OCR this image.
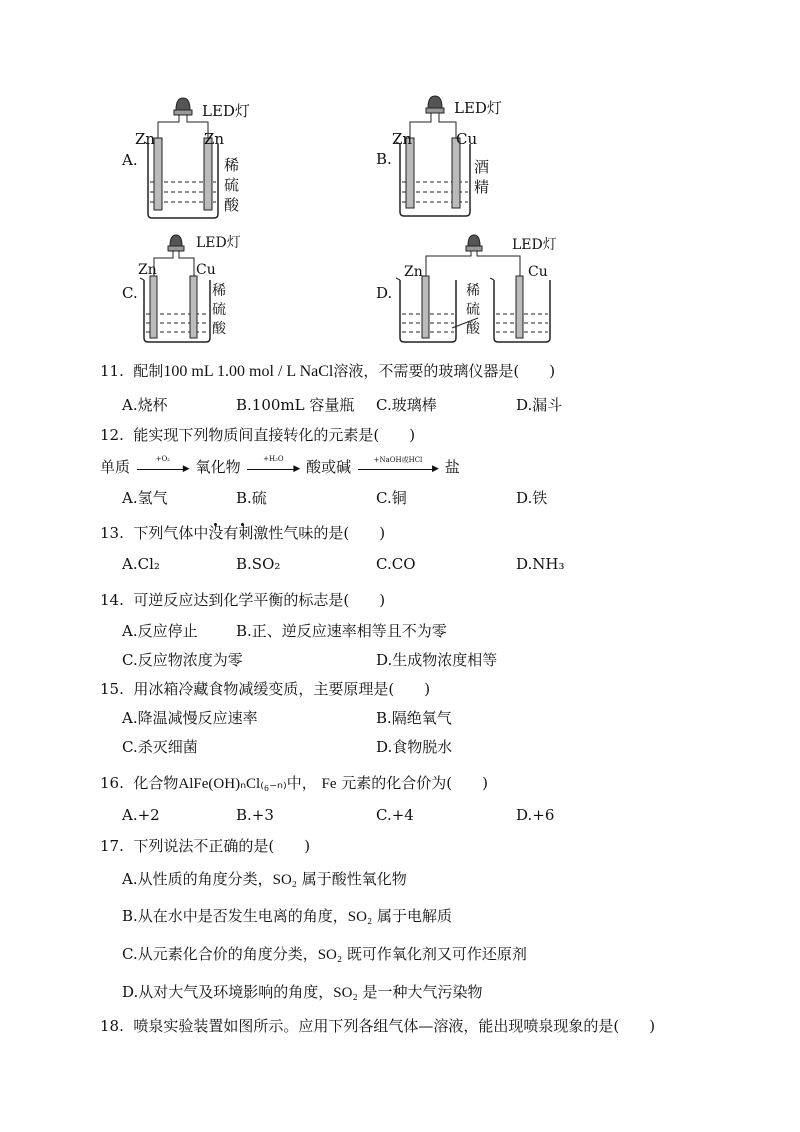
LED灯
Zn	Zn
A.	稀
硫
酸
LED灯
Zn	Cu
B.	酒
精
LED灯
Zn	Cu
C.	稀
硫
酸
LED灯
Zn	Cu
D.	稀
硫
酸
11. 配制100 mL 1.00 mol / L NaCl溶液，不需要的玻璃仪器是(　　)
A.烧杯	B.100mL 容量瓶 C.玻璃棒	D.漏斗
12. 能实现下列物质间直接转化的元素是(　　)
单质	+O₂
▶ 氧化物	+H₂O
▶ 酸或碱	+NaOH或HCl
▶ 盐
A.氢气	B.硫	C.铜	D.铁

13. 下列气体中没有刺激性气味的是(　　)
A.Cl₂	B.SO₂	C.CO	D.NH₃
14. 可逆反应达到化学平衡的标志是(　　)
A.反应停止	B.正、逆反应速率相等且不为零
C.反应物浓度为零	D.生成物浓度相等
15. 用冰箱冷藏食物减缓变质，主要原理是(　　)
A.降温减慢反应速率	B.隔绝氧气
C.杀灭细菌	D.食物脱水
16. 化合物AlFe(OH)ₙCl₍₆₋ₙ₎中， Fe 元素的化合价为(　　)
A.+2	B.+3	C.+4	D.+6
17. 下列说法不正确的是(　　)
A.从性质的角度分类，SO₂ 属于酸性氧化物
B.从在水中是否发生电离的角度，SO₂ 属于电解质
C.从元素化合价的角度分类，SO₂ 既可作氧化剂又可作还原剂
D.从对大气及环境影响的角度，SO₂ 是一种大气污染物
18. 喷泉实验装置如图所示。应用下列各组气体—溶液，能出现喷泉现象的是(　　)
